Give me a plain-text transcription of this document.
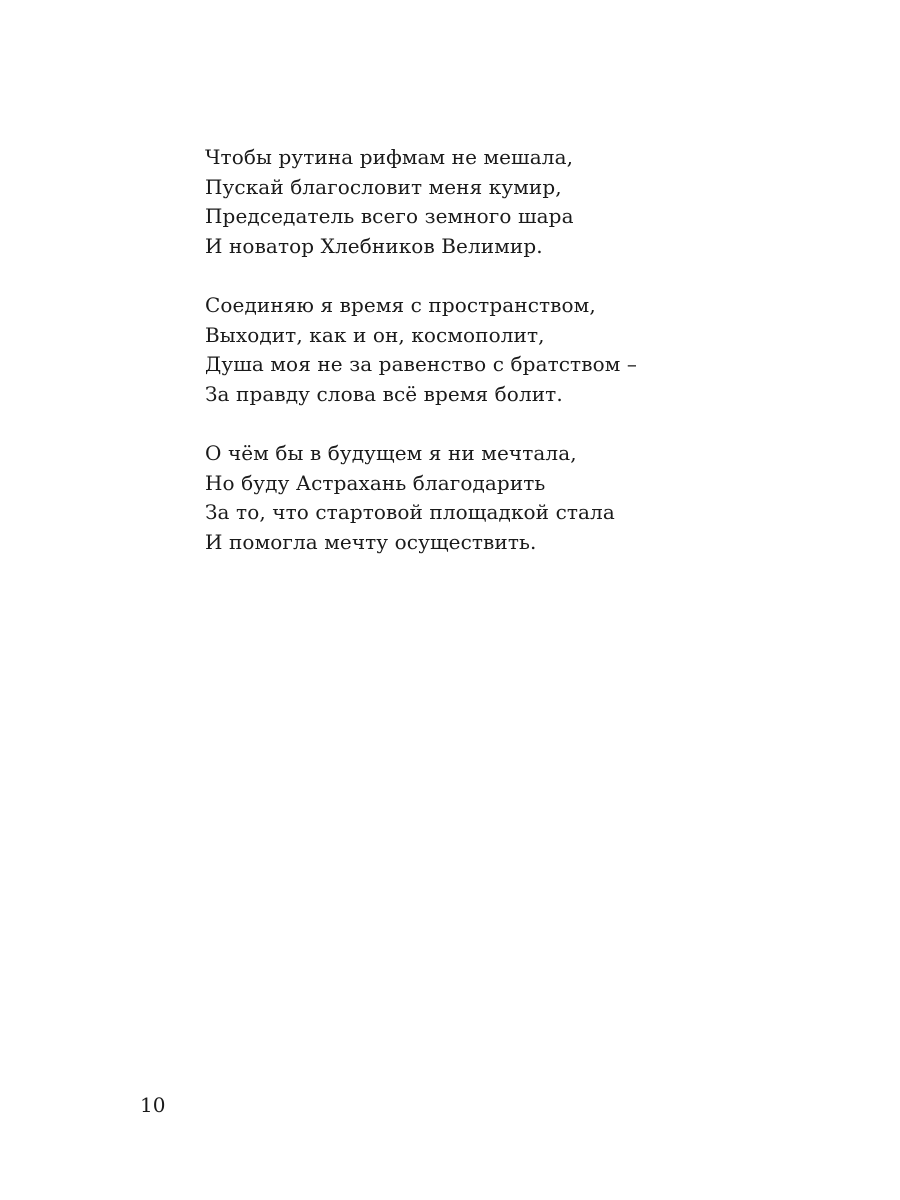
Чтобы рутина рифмам не мешала,
Пускай благословит меня кумир,
Председатель всего земного шара
И новатор Хлебников Велимир.
Соединяю я время с пространством,
Выходит, как и он, космополит,
Душа моя не за равенство с братством –
За правду слова всё время болит.
О чём бы в будущем я ни мечтала,
Но буду Астрахань благодарить
За то, что стартовой площадкой стала
И помогла мечту осуществить.
10
